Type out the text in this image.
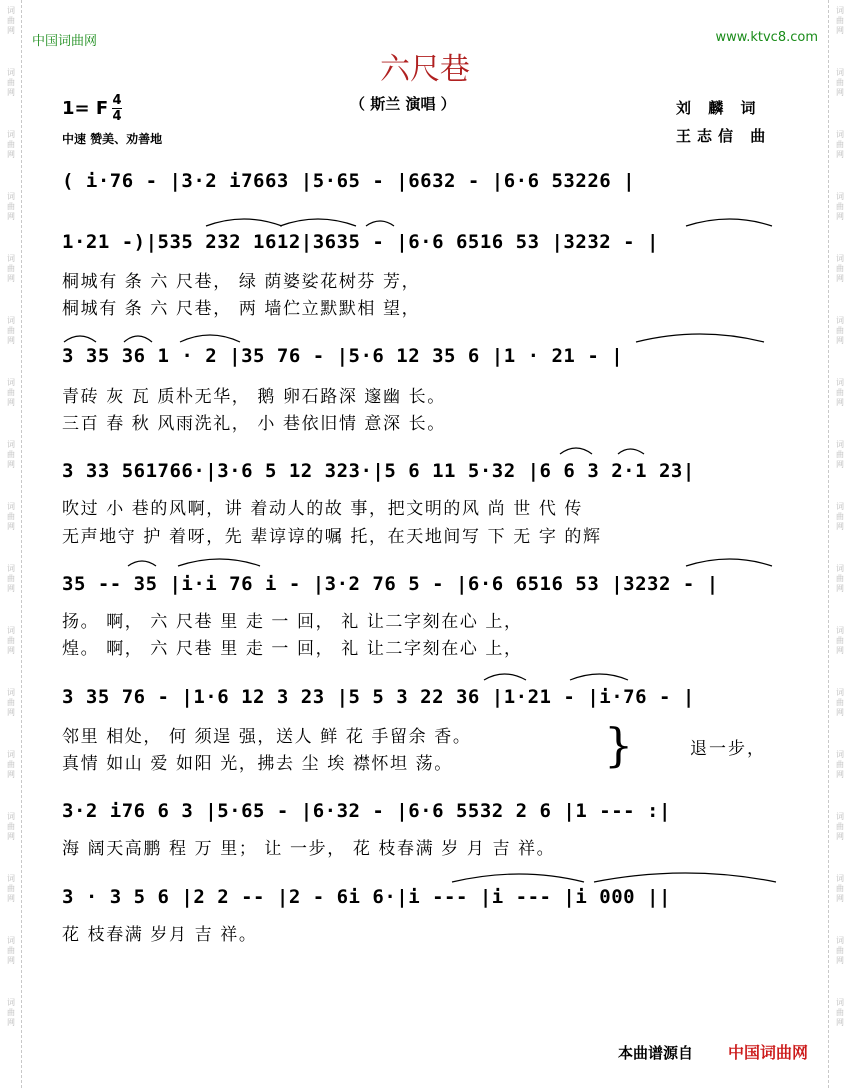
词
曲
网
词
曲
网
词
曲
网
词
曲
网
词
曲
网
词
曲
网
词
曲
网
词
曲
网
词
曲
网
词
曲
网
词
曲
网
词
曲
网
词
曲
网
词
曲
网
词
曲
网
词
曲
网
词
曲
网
词
曲
网
词
曲
网
词
曲
网
词
曲
网
词
曲
网
词
曲
网
词
曲
网
词
曲
网
词
曲
网
词
曲
网
词
曲
网
词
曲
网
词
曲
网
词
曲
网
词
曲
网
词
曲
网
词
曲
网
中国词曲网	www.ktvc8.com
六尺巷
（ 斯兰 演唱 ）
1= F 4
4
中速 赞美、劝善地
刘 麟 词
王志信 曲
( i·76 - |3·2 i7663 |5·65 - |6632 - |6·6 53226 |
1·21 -)|535 232 1612|3635 - |6·6 6516 53 |3232 - |
桐城有 条 六 尺巷， 绿 荫婆娑花树芬 芳，
桐城有 条 六 尺巷， 两 墙伫立默默相 望，
3 35 36 1 · 2 |35 76 - |5·6 12 35 6 |1 · 21 - |
青砖 灰 瓦 质朴无华， 鹅 卵石路深 邃幽 长。
三百 春 秋 风雨洗礼， 小 巷依旧情 意深 长。
3 33 561766·|3·6 5 12 323·|5 6 11 5·32 |6 6 3 2·1 23|
吹过 小 巷的风啊，讲 着动人的故 事，把文明的风 尚 世 代 传
无声地守 护 着呀，先 辈谆谆的嘱 托，在天地间写 下 无 字 的辉
35 -- 35 |i·i 76 i - |3·2 76 5 - |6·6 6516 53 |3232 - |
扬。 啊， 六 尺巷 里 走 一 回， 礼 让二字刻在心 上，
煌。 啊， 六 尺巷 里 走 一 回， 礼 让二字刻在心 上，
3 35 76 - |1·6 12 3 23 |5 5 3 22 36 |1·21 - |i·76 - |
邻里 相处， 何 须逞 强，送人 鲜 花 手留余 香。
真情 如山 爱 如阳 光，拂去 尘 埃 襟怀坦 荡。	}	退一步，
3·2 i76 6 3 |5·65 - |6·32 - |6·6 5532 2 6 |1 --- :|
海 阔天高鹏 程 万 里； 让 一步， 花 枝春满 岁 月 吉 祥。
3 · 3 5 6 |2 2 -- |2 - 6i 6·|i --- |i --- |i 000 ||
花 枝春满 岁月 吉 祥。
本曲谱源自 中国词曲网
